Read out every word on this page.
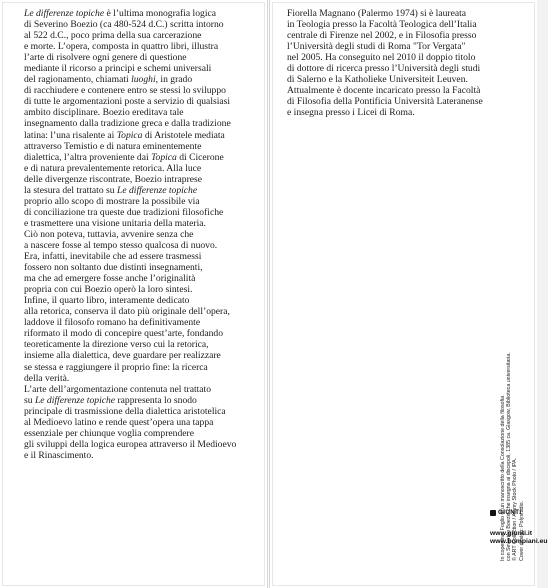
Le differenze topiche è l’ultima monografia logica

di Severino Boezio (ca 480-524 d.C.) scritta intorno

al 522 d.C., poco prima della sua carcerazione

e morte. L’opera, composta in quattro libri, illustra

l’arte di risolvere ogni genere di questione

mediante il ricorso a principi e schemi universali

del ragionamento, chiamati luoghi, in grado

di racchiudere e contenere entro se stessi lo sviluppo

di tutte le argomentazioni poste a servizio di qualsiasi

ambito disciplinare. Boezio ereditava tale

insegnamento dalla tradizione greca e dalla tradizione

latina: l’una risalente ai Topica di Aristotele mediata

attraverso Temistio e di natura eminentemente

dialettica, l’altra proveniente dai Topica di Cicerone

e di natura prevalentemente retorica. Alla luce

delle divergenze riscontrate, Boezio intraprese

la stesura del trattato su Le differenze topiche

proprio allo scopo di mostrare la possibile via

di conciliazione tra queste due tradizioni filosofiche

e trasmettere una visione unitaria della materia.

Ciò non poteva, tuttavia, avvenire senza che

a nascere fosse al tempo stesso qualcosa di nuovo.

Era, infatti, inevitabile che ad essere trasmessi

fossero non soltanto due distinti insegnamenti,

ma che ad emergere fosse anche l’originalità

propria con cui Boezio operò la loro sintesi.

Infine, il quarto libro, interamente dedicato

alla retorica, conserva il dato più originale dell’opera,

laddove il filosofo romano ha definitivamente

riformato il modo di concepire quest’arte, fondando

teoreticamente la direzione verso cui la retorica,

insieme alla dialettica, deve guardare per realizzare

se stessa e raggiungere il proprio fine: la ricerca

della verità.

L’arte dell’argomentazione contenuta nel trattato

su Le differenze topiche rappresenta lo snodo

principale di trasmissione della dialettica aristotelica

al Medioevo latino e rende quest’opera una tappa

essenziale per chiunque voglia comprendere

gli sviluppi della logica europea attraverso il Medioevo

e il Rinascimento.

Fiorella Magnano (Palermo 1974) si è laureata

in Teologia presso la Facoltà Teologica dell’Italia

centrale di Firenze nel 2002, e in Filosofia presso

l’Università degli studi di Roma "Tor Vergata"

nel 2005. Ha conseguito nel 2010 il doppio titolo

di dottore di ricerca presso l’Università degli studi

di Salerno e la Katholieke Universiteit Leuven.

Attualmente è docente incaricato presso la Facoltà

di Filosofia della Pontificia Università Lateranense

e insegna presso i Licei di Roma.

In copertina: Foglio di un manoscritto della Consolazione della filosofia con Severino Boezio che insegna ai discepoli, 1385 ca. Glasgow, Biblioteca universitaria. © ART Collection / Alamy Stock Photo / IPA. Cover design: Polystudio.
GIUNTI
www.giunti.it
www.bompiani.eu
